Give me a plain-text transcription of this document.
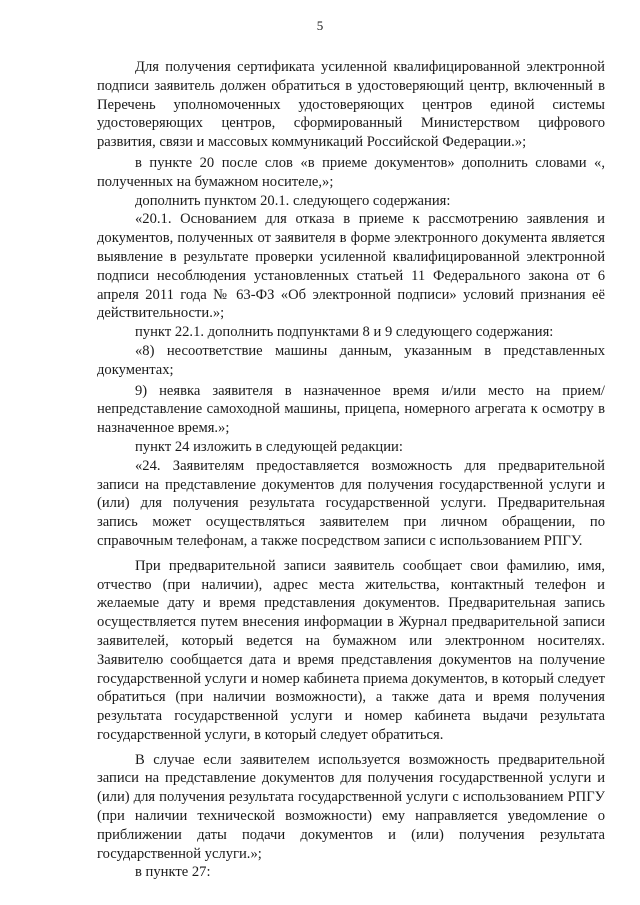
5

Для получения сертификата усиленной квалифицированной электронной подписи заявитель должен обратиться в удостоверяющий центр, включенный в Перечень уполномоченных удостоверяющих центров единой системы удостоверяющих центров, сформированный Министерством цифрового развития, связи и массовых коммуникаций Российской Федерации.»;

в пункте 20 после слов «в приеме документов» дополнить словами «, полученных на бумажном носителе,»;

дополнить пунктом 20.1. следующего содержания:

«20.1. Основанием для отказа в приеме к рассмотрению заявления и документов, полученных от заявителя в форме электронного документа является выявление в результате проверки усиленной квалифицированной электронной подписи несоблюдения установленных статьей 11 Федерального закона от 6 апреля 2011 года № 63-ФЗ «Об электронной подписи» условий признания её действительности.»;

пункт 22.1. дополнить подпунктами 8 и 9 следующего содержания:

«8) несоответствие машины данным, указанным в представленных документах;

9) неявка заявителя в назначенное время и/или место на прием/непредставление самоходной машины, прицепа, номерного агрегата к осмотру в назначенное время.»;

пункт 24 изложить в следующей редакции:

«24. Заявителям предоставляется возможность для предварительной записи на представление документов для получения государственной услуги и (или) для получения результата государственной услуги. Предварительная запись может осуществляться заявителем при личном обращении, по справочным телефонам, а также посредством записи с использованием РПГУ.

При предварительной записи заявитель сообщает свои фамилию, имя, отчество (при наличии), адрес места жительства, контактный телефон и желаемые дату и время представления документов. Предварительная запись осуществляется путем внесения информации в Журнал предварительной записи заявителей, который ведется на бумажном или электронном носителях. Заявителю сообщается дата и время представления документов на получение государственной услуги и номер кабинета приема документов, в который следует обратиться (при наличии возможности), а также дата и время получения результата государственной услуги и номер кабинета выдачи результата государственной услуги, в который следует обратиться.

В случае если заявителем используется возможность предварительной записи на представление документов для получения государственной услуги и (или) для получения результата государственной услуги с использованием РПГУ (при наличии технической возможности) ему направляется уведомление о приближении даты подачи документов и (или) получения результата государственной услуги.»;

в пункте 27:
